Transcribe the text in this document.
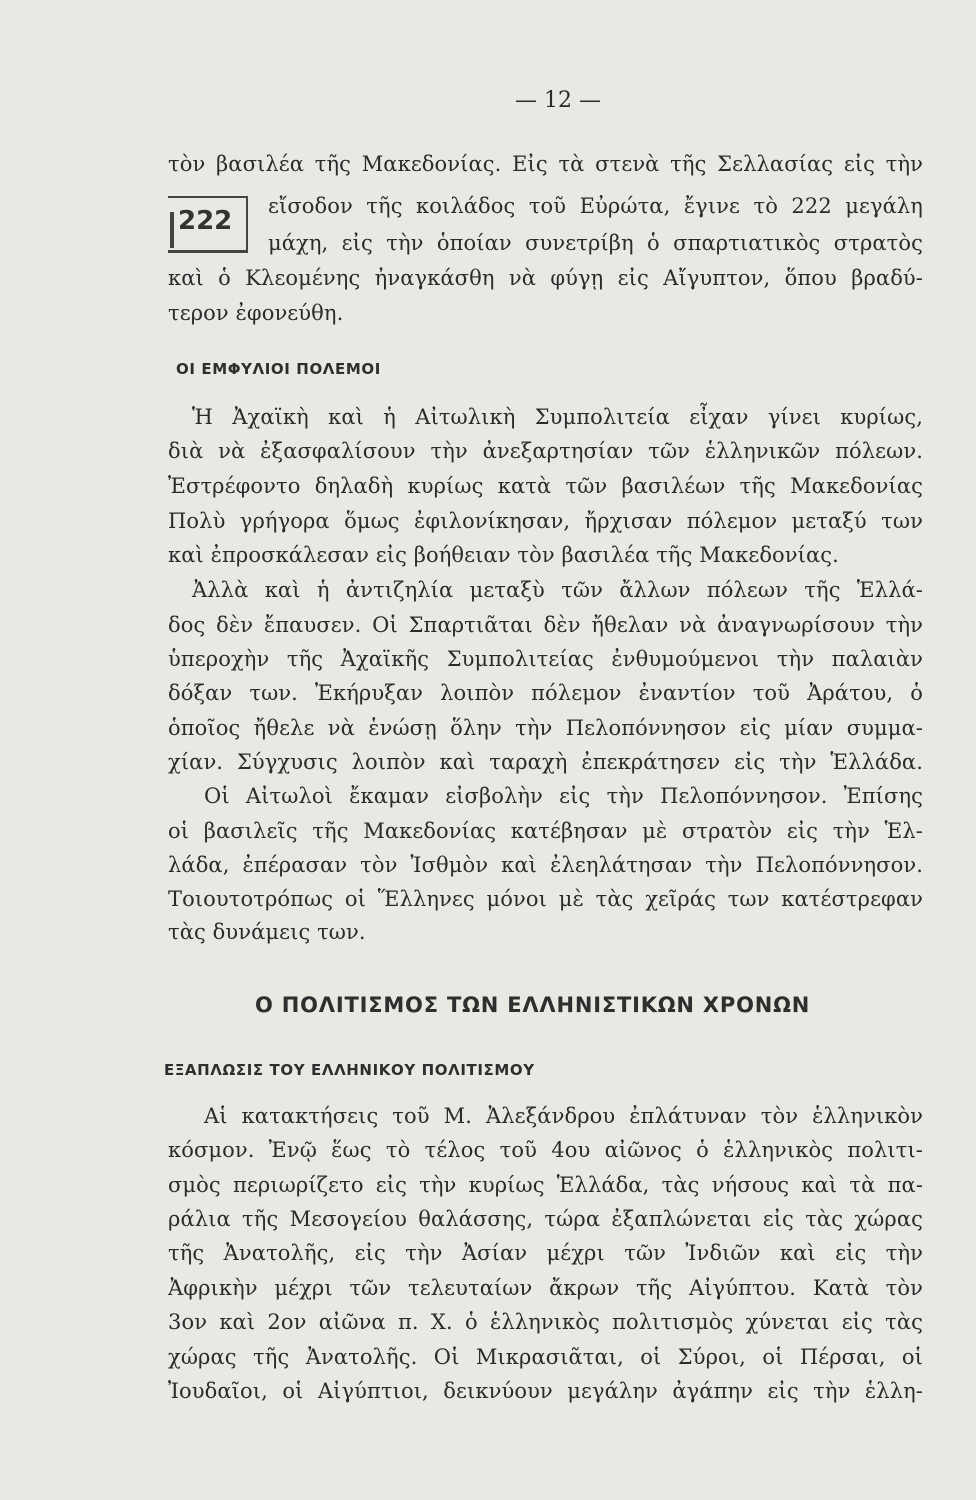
— 12 —
τὸν βασιλέα τῆς Μακεδονίας. Εἰς τὰ στενὰ τῆς Σελλασίας εἰς τὴν
222 εἴσοδον τῆς κοιλάδος τοῦ Εὐρώτα, ἔγινε τὸ 222 μεγάλη
μάχη, εἰς τὴν ὁποίαν συνετρίβη ὁ σπαρτιατικὸς στρατὸς
καὶ ὁ Κλεομένης ἠναγκάσθη νὰ φύγῃ εἰς Αἴγυπτον, ὅπου βραδύ-
τερον ἐφονεύθη.
ΟΙ ΕΜΦΥΛΙΟΙ ΠΟΛΕΜΟΙ
Ἡ Ἀχαϊκὴ καὶ ἡ Αἰτωλικὴ Συμπολιτεία εἶχαν γίνει κυρίως,
διὰ νὰ ἐξασφαλίσουν τὴν ἀνεξαρτησίαν τῶν ἑλληνικῶν πόλεων.
Ἐστρέφοντο δηλαδὴ κυρίως κατὰ τῶν βασιλέων τῆς Μακεδονίας
Πολὺ γρήγορα ὅμως ἐφιλονίκησαν, ἤρχισαν πόλεμον μεταξύ των
καὶ ἐπροσκάλεσαν εἰς βοήθειαν τὸν βασιλέα τῆς Μακεδονίας.
Ἀλλὰ καὶ ἡ ἀντιζηλία μεταξὺ τῶν ἄλλων πόλεων τῆς Ἑλλά-
δος δὲν ἔπαυσεν. Οἱ Σπαρτιᾶται δὲν ἤθελαν νὰ ἀναγνωρίσουν τὴν
ὑπεροχὴν τῆς Ἀχαϊκῆς Συμπολιτείας ἐνθυμούμενοι τὴν παλαιὰν
δόξαν των. Ἐκήρυξαν λοιπὸν πόλεμον ἐναντίον τοῦ Ἀράτου, ὁ
ὁποῖος ἤθελε νὰ ἑνώσῃ ὅλην τὴν Πελοπόννησον εἰς μίαν συμμα-
χίαν. Σύγχυσις λοιπὸν καὶ ταραχὴ ἐπεκράτησεν εἰς τὴν Ἑλλάδα.
Οἱ Αἰτωλοὶ ἔκαμαν εἰσβολὴν εἰς τὴν Πελοπόννησον. Ἐπίσης
οἱ βασιλεῖς τῆς Μακεδονίας κατέβησαν μὲ στρατὸν εἰς τὴν Ἑλ-
λάδα, ἐπέρασαν τὸν Ἰσθμὸν καὶ ἐλεηλάτησαν τὴν Πελοπόννησον.
Τοιουτοτρόπως οἱ Ἕλληνες μόνοι μὲ τὰς χεῖράς των κατέστρεφαν
τὰς δυνάμεις των.
Ο ΠΟΛΙΤΙΣΜΟΣ ΤΩΝ ΕΛΛΗΝΙΣΤΙΚΩΝ ΧΡΟΝΩΝ
ΕΞΑΠΛΩΣΙΣ ΤΟΥ ΕΛΛΗΝΙΚΟΥ ΠΟΛΙΤΙΣΜΟΥ
Αἱ κατακτήσεις τοῦ Μ. Ἀλεξάνδρου ἐπλάτυναν τὸν ἑλληνικὸν
κόσμον. Ἐνῷ ἕως τὸ τέλος τοῦ 4ου αἰῶνος ὁ ἑλληνικὸς πολιτι-
σμὸς περιωρίζετο εἰς τὴν κυρίως Ἑλλάδα, τὰς νήσους καὶ τὰ πα-
ράλια τῆς Μεσογείου θαλάσσης, τώρα ἐξαπλώνεται εἰς τὰς χώρας
τῆς Ἀνατολῆς, εἰς τὴν Ἀσίαν μέχρι τῶν Ἰνδιῶν καὶ εἰς τὴν
Ἀφρικὴν μέχρι τῶν τελευταίων ἄκρων τῆς Αἰγύπτου. Κατὰ τὸν
3ον καὶ 2ον αἰῶνα π. Χ. ὁ ἑλληνικὸς πολιτισμὸς χύνεται εἰς τὰς
χώρας τῆς Ἀνατολῆς. Οἱ Μικρασιᾶται, οἱ Σύροι, οἱ Πέρσαι, οἱ
Ἰουδαῖοι, οἱ Αἰγύπτιοι, δεικνύουν μεγάλην ἀγάπην εἰς τὴν ἑλλη-
